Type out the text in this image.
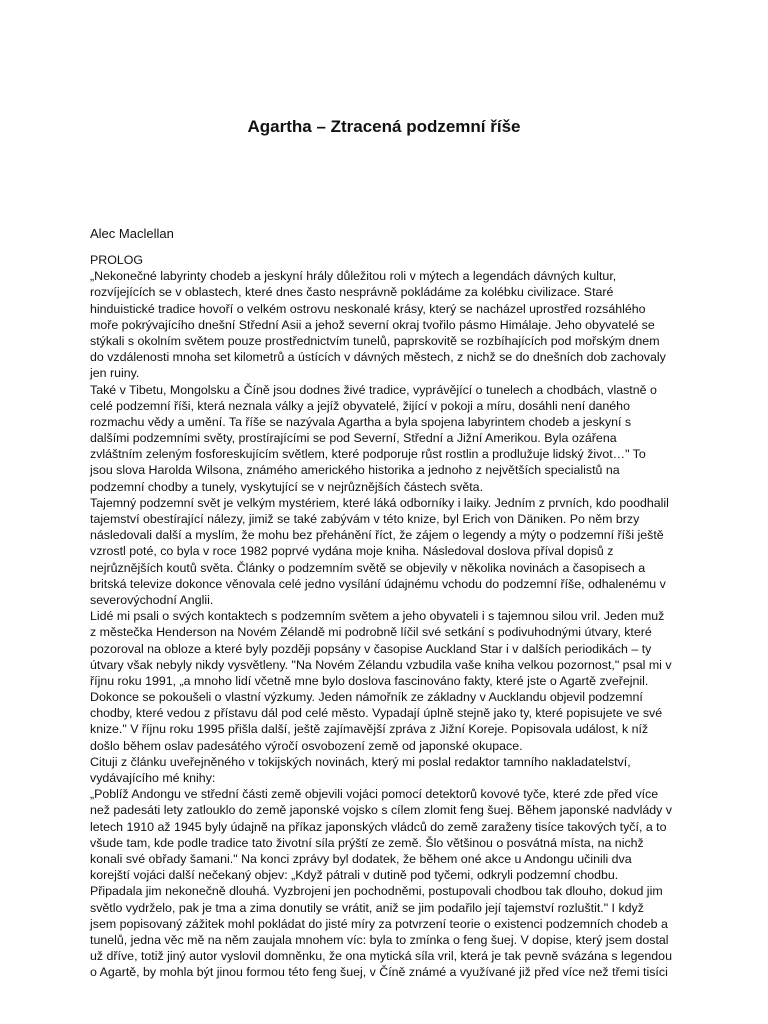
Agartha – Ztracená podzemní říše
Alec Maclellan
PROLOG
„Nekonečné labyrinty chodeb a jeskyní hrály důležitou roli v mýtech a legendách dávných kultur,
rozvíjejících se v oblastech, které dnes často nesprávně pokládáme za kolébku civilizace. Staré
hinduistické tradice hovoří o velkém ostrovu neskonalé krásy, který se nacházel uprostřed rozsáhlého
moře pokrývajícího dnešní Střední Asii a jehož severní okraj tvořilo pásmo Himálaje. Jeho obyvatelé se
stýkali s okolním světem pouze prostřednictvím tunelů, paprskovitě se rozbíhajících pod mořským dnem
do vzdálenosti mnoha set kilometrů a ústících v dávných městech, z nichž se do dnešních dob zachovaly
jen ruiny.
Také v Tibetu, Mongolsku a Číně jsou dodnes živé tradice, vyprávějící o tunelech a chodbách, vlastně o
celé podzemní říši, která neznala války a jejíž obyvatelé, žijící v pokoji a míru, dosáhli není daného
rozmachu vědy a umění. Ta říše se nazývala Agartha a byla spojena labyrintem chodeb a jeskyní s
dalšími podzemními světy, prostírajícími se pod Severní, Střední a Jižní Amerikou. Byla ozářena
zvláštním zeleným fosforeskujícím světlem, které podporuje růst rostlin a prodlužuje lidský život…" To
jsou slova Harolda Wilsona, známého amerického historika a jednoho z největších specialistů na
podzemní chodby a tunely, vyskytující se v nejrůznějších částech světa.
Tajemný podzemní svět je velkým mystériem, které láká odborníky i laiky. Jedním z prvních, kdo poodhalil
tajemství obestírající nálezy, jimiž se také zabývám v této knize, byl Erich von Däniken. Po něm brzy
následovali další a myslím, že mohu bez přehánění říct, že zájem o legendy a mýty o podzemní říši ještě
vzrostl poté, co byla v roce 1982 poprvé vydána moje kniha. Následoval doslova příval dopisů z
nejrůznějších koutů světa. Články o podzemním světě se objevily v několika novinách a časopisech a
britská televize dokonce věnovala celé jedno vysílání údajnému vchodu do podzemní říše, odhalenému v
severovýchodní Anglii.
Lidé mi psali o svých kontaktech s podzemním světem a jeho obyvateli i s tajemnou silou vril. Jeden muž
z městečka Henderson na Novém Zélandě mi podrobně líčil své setkání s podivuhodnými útvary, které
pozoroval na obloze a které byly později popsány v časopise Auckland Star i v dalších periodikách – ty
útvary však nebyly nikdy vysvětleny. "Na Novém Zélandu vzbudila vaše kniha velkou pozornost," psal mi v
říjnu roku 1991, „a mnoho lidí včetně mne bylo doslova fascinováno fakty, které jste o Agartě zveřejnil.
Dokonce se pokoušeli o vlastní výzkumy. Jeden námořník ze základny v Aucklandu objevil podzemní
chodby, které vedou z přístavu dál pod celé město. Vypadají úplně stejně jako ty, které popisujete ve své
knize." V říjnu roku 1995 přišla další, ještě zajímavější zpráva z Jižní Koreje. Popisovala událost, k níž
došlo během oslav padesátého výročí osvobození země od japonské okupace.
Cituji z článku uveřejněného v tokijských novinách, který mi poslal redaktor tamního nakladatelství,
vydávajícího mé knihy:
„Poblíž Andongu ve střední části země objevili vojáci pomocí detektorů kovové tyče, které zde před více
než padesáti lety zatlouklo do země japonské vojsko s cílem zlomit feng šuej. Během japonské nadvlády v
letech 1910 až 1945 byly údajně na příkaz japonských vládců do země zaraženy tisíce takových tyčí, a to
všude tam, kde podle tradice tato životní síla prýští ze země. Šlo většinou o posvátná místa, na nichž
konali své obřady šamani." Na konci zprávy byl dodatek, že během oné akce u Andongu učinili dva
korejští vojáci další nečekaný objev: „Když pátrali v dutině pod tyčemi, odkryli podzemní chodbu.
Připadala jim nekonečně dlouhá. Vyzbrojeni jen pochodněmi, postupovali chodbou tak dlouho, dokud jim
světlo vydrželo, pak je tma a zima donutily se vrátit, aniž se jim podařilo její tajemství rozluštit." I když
jsem popisovaný zážitek mohl pokládat do jisté míry za potvrzení teorie o existenci podzemních chodeb a
tunelů, jedna věc mě na něm zaujala mnohem víc: byla to zmínka o feng šuej. V dopise, který jsem dostal
už dříve, totiž jiný autor vyslovil domněnku, že ona mytická síla vril, která je tak pevně svázána s legendou
o Agartě, by mohla být jinou formou této feng šuej, v Číně známé a využívané již před více než třemi tisíci
